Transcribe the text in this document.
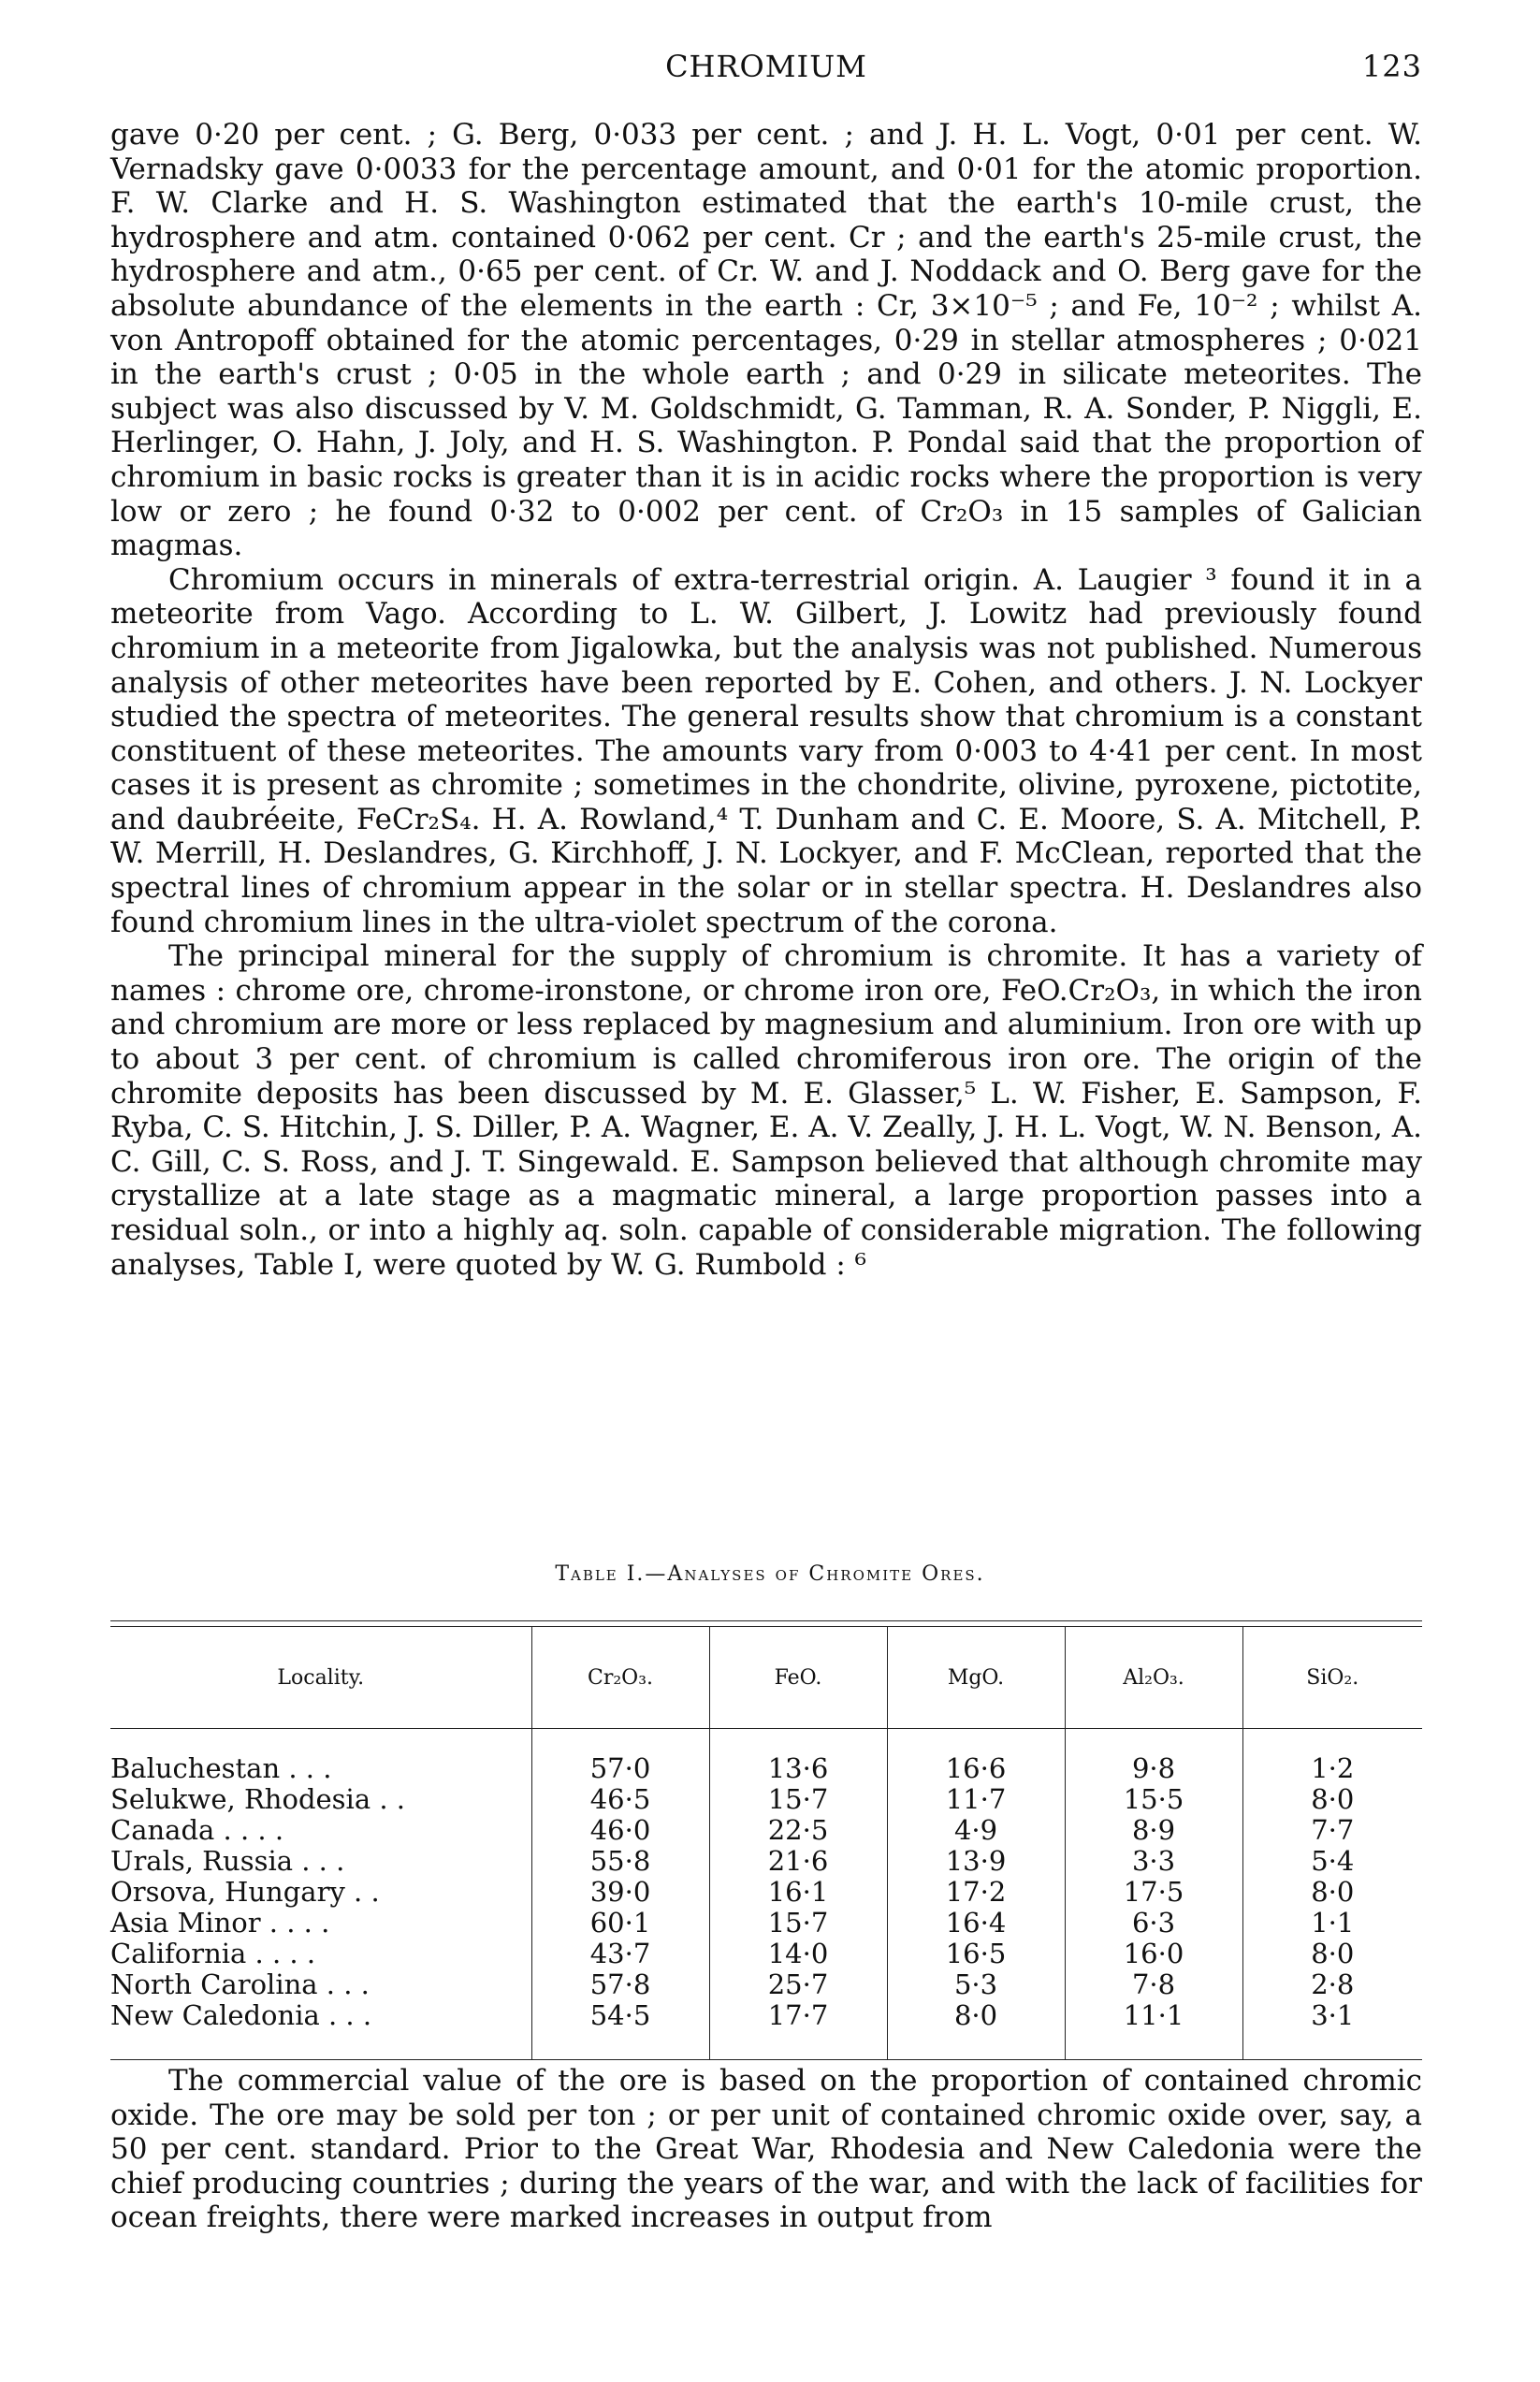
CHROMIUM	123

gave 0·20 per cent. ; G. Berg, 0·033 per cent. ; and J. H. L. Vogt, 0·01 per cent. W. Vernadsky gave 0·0033 for the percentage amount, and 0·01 for the atomic proportion. F. W. Clarke and H. S. Washington estimated that the earth's 10-mile crust, the hydrosphere and atm. contained 0·062 per cent. Cr ; and the earth's 25-mile crust, the hydrosphere and atm., 0·65 per cent. of Cr. W. and J. Noddack and O. Berg gave for the absolute abundance of the elements in the earth : Cr, 3×10⁻⁵ ; and Fe, 10⁻² ; whilst A. von Antropoff obtained for the atomic percentages, 0·29 in stellar atmospheres ; 0·021 in the earth's crust ; 0·05 in the whole earth ; and 0·29 in silicate meteorites. The subject was also discussed by V. M. Goldschmidt, G. Tamman, R. A. Sonder, P. Niggli, E. Herlinger, O. Hahn, J. Joly, and H. S. Washington. P. Pondal said that the proportion of chromium in basic rocks is greater than it is in acidic rocks where the proportion is very low or zero ; he found 0·32 to 0·002 per cent. of Cr₂O₃ in 15 samples of Galician magmas.

Chromium occurs in minerals of extra-terrestrial origin. A. Laugier ³ found it in a meteorite from Vago. According to L. W. Gilbert, J. Lowitz had previously found chromium in a meteorite from Jigalowka, but the analysis was not published. Numerous analysis of other meteorites have been reported by E. Cohen, and others. J. N. Lockyer studied the spectra of meteorites. The general results show that chromium is a constant constituent of these meteorites. The amounts vary from 0·003 to 4·41 per cent. In most cases it is present as chromite ; sometimes in the chondrite, olivine, pyroxene, pictotite, and daubréeite, FeCr₂S₄. H. A. Rowland,⁴ T. Dunham and C. E. Moore, S. A. Mitchell, P. W. Merrill, H. Deslandres, G. Kirchhoff, J. N. Lockyer, and F. McClean, reported that the spectral lines of chromium appear in the solar or in stellar spectra. H. Deslandres also found chromium lines in the ultra-violet spectrum of the corona.

The principal mineral for the supply of chromium is chromite. It has a variety of names : chrome ore, chrome-ironstone, or chrome iron ore, FeO.Cr₂O₃, in which the iron and chromium are more or less replaced by magnesium and aluminium. Iron ore with up to about 3 per cent. of chromium is called chromiferous iron ore. The origin of the chromite deposits has been discussed by M. E. Glasser,⁵ L. W. Fisher, E. Sampson, F. Ryba, C. S. Hitchin, J. S. Diller, P. A. Wagner, E. A. V. Zeally, J. H. L. Vogt, W. N. Benson, A. C. Gill, C. S. Ross, and J. T. Singewald. E. Sampson believed that although chromite may crystallize at a late stage as a magmatic mineral, a large proportion passes into a residual soln., or into a highly aq. soln. capable of considerable migration. The following analyses, Table I, were quoted by W. G. Rumbold : ⁶

Table I.—Analyses of Chromite Ores.
Locality.	Cr₂O₃.	FeO.	MgO.	Al₂O₃.	SiO₂.
Baluchestan . . .	57·0	13·6	16·6	9·8	1·2
Selukwe, Rhodesia . .	46·5	15·7	11·7	15·5	8·0
Canada . . . .	46·0	22·5	4·9	8·9	7·7
Urals, Russia . . .	55·8	21·6	13·9	3·3	5·4
Orsova, Hungary . .	39·0	16·1	17·2	17·5	8·0
Asia Minor . . . .	60·1	15·7	16·4	6·3	1·1
California . . . .	43·7	14·0	16·5	16·0	8·0
North Carolina . . .	57·8	25·7	5·3	7·8	2·8
New Caledonia . . .	54·5	17·7	8·0	11·1	3·1

The commercial value of the ore is based on the proportion of contained chromic oxide. The ore may be sold per ton ; or per unit of contained chromic oxide over, say, a 50 per cent. standard. Prior to the Great War, Rhodesia and New Caledonia were the chief producing countries ; during the years of the war, and with the lack of facilities for ocean freights, there were marked increases in output from
